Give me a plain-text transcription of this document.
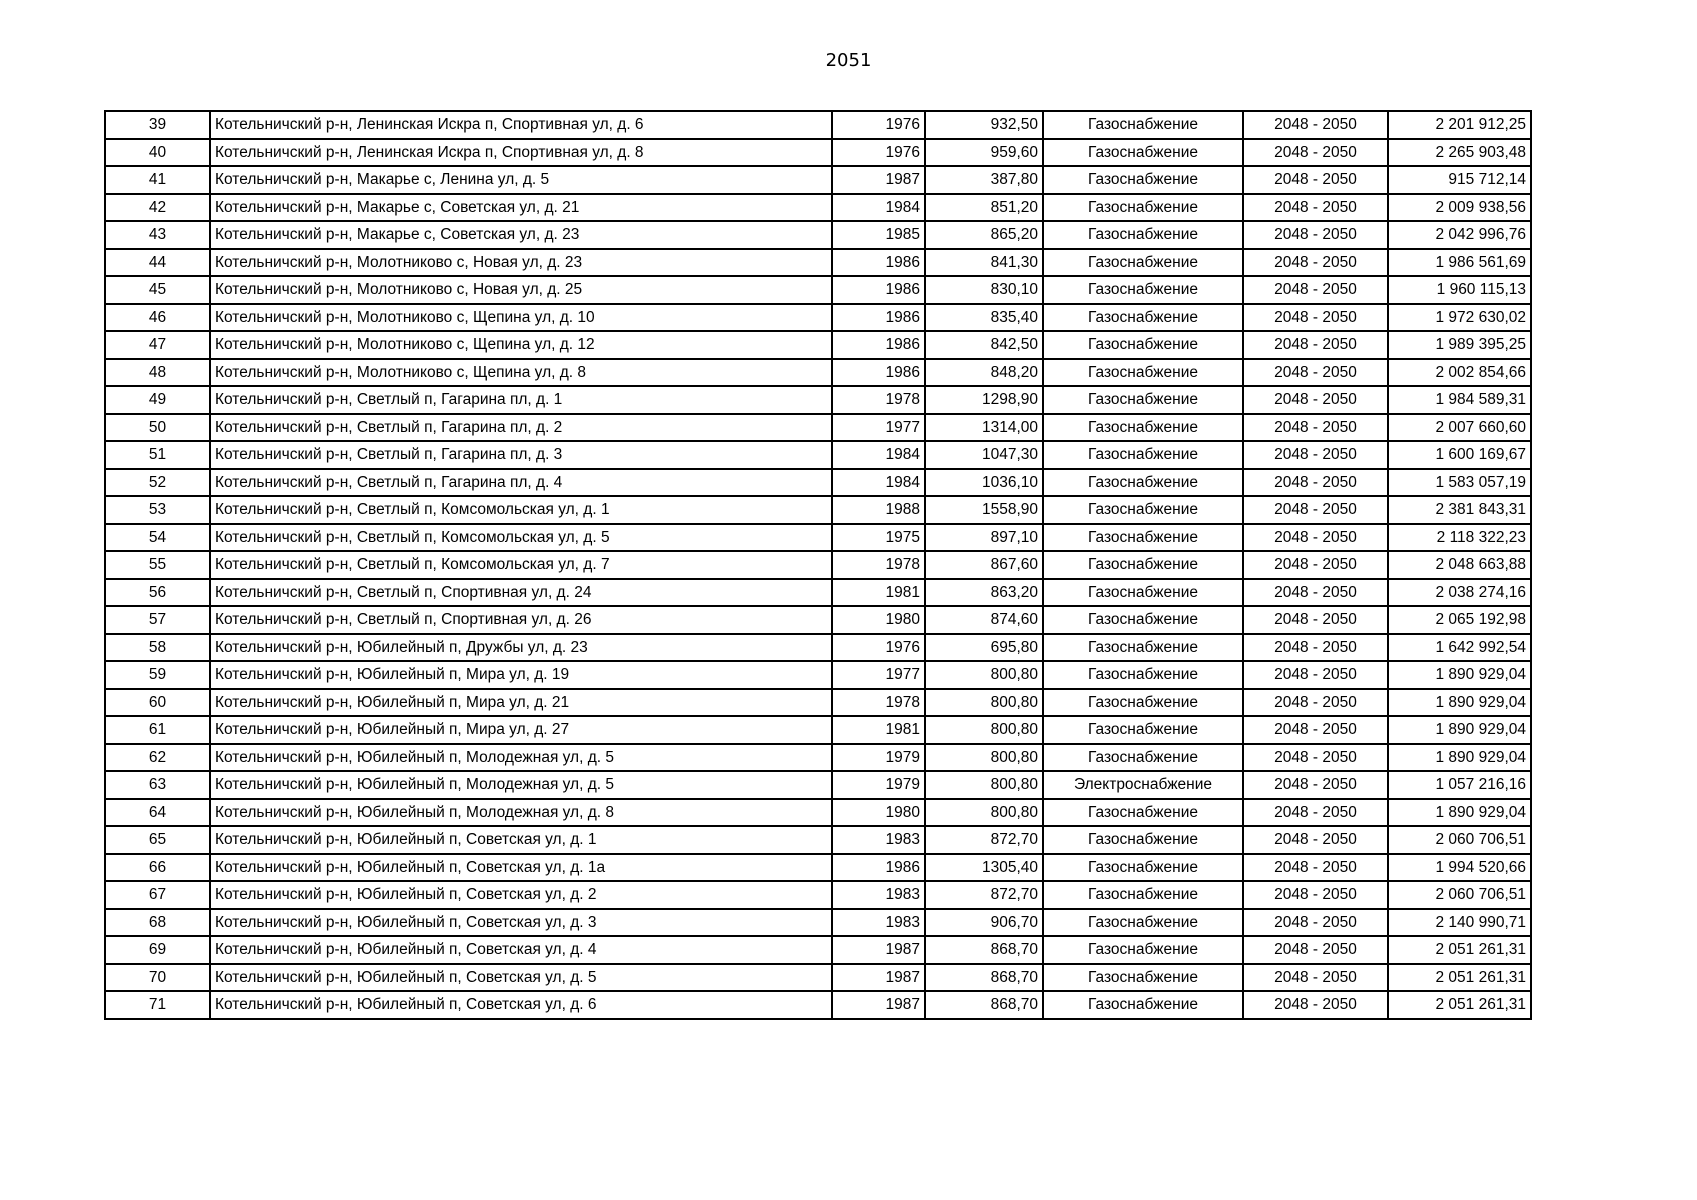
2051
39	Котельничский р-н, Ленинская Искра п, Спортивная ул, д. 6	1976	932,50	Газоснабжение	2048 - 2050	2 201 912,25
40	Котельничский р-н, Ленинская Искра п, Спортивная ул, д. 8	1976	959,60	Газоснабжение	2048 - 2050	2 265 903,48
41	Котельничский р-н, Макарье с, Ленина ул, д. 5	1987	387,80	Газоснабжение	2048 - 2050	915 712,14
42	Котельничский р-н, Макарье с, Советская ул, д. 21	1984	851,20	Газоснабжение	2048 - 2050	2 009 938,56
43	Котельничский р-н, Макарье с, Советская ул, д. 23	1985	865,20	Газоснабжение	2048 - 2050	2 042 996,76
44	Котельничский р-н, Молотниково с, Новая ул, д. 23	1986	841,30	Газоснабжение	2048 - 2050	1 986 561,69
45	Котельничский р-н, Молотниково с, Новая ул, д. 25	1986	830,10	Газоснабжение	2048 - 2050	1 960 115,13
46	Котельничский р-н, Молотниково с, Щепина ул, д. 10	1986	835,40	Газоснабжение	2048 - 2050	1 972 630,02
47	Котельничский р-н, Молотниково с, Щепина ул, д. 12	1986	842,50	Газоснабжение	2048 - 2050	1 989 395,25
48	Котельничский р-н, Молотниково с, Щепина ул, д. 8	1986	848,20	Газоснабжение	2048 - 2050	2 002 854,66
49	Котельничский р-н, Светлый п, Гагарина пл, д. 1	1978	1298,90	Газоснабжение	2048 - 2050	1 984 589,31
50	Котельничский р-н, Светлый п, Гагарина пл, д. 2	1977	1314,00	Газоснабжение	2048 - 2050	2 007 660,60
51	Котельничский р-н, Светлый п, Гагарина пл, д. 3	1984	1047,30	Газоснабжение	2048 - 2050	1 600 169,67
52	Котельничский р-н, Светлый п, Гагарина пл, д. 4	1984	1036,10	Газоснабжение	2048 - 2050	1 583 057,19
53	Котельничский р-н, Светлый п, Комсомольская ул, д. 1	1988	1558,90	Газоснабжение	2048 - 2050	2 381 843,31
54	Котельничский р-н, Светлый п, Комсомольская ул, д. 5	1975	897,10	Газоснабжение	2048 - 2050	2 118 322,23
55	Котельничский р-н, Светлый п, Комсомольская ул, д. 7	1978	867,60	Газоснабжение	2048 - 2050	2 048 663,88
56	Котельничский р-н, Светлый п, Спортивная ул, д. 24	1981	863,20	Газоснабжение	2048 - 2050	2 038 274,16
57	Котельничский р-н, Светлый п, Спортивная ул, д. 26	1980	874,60	Газоснабжение	2048 - 2050	2 065 192,98
58	Котельничский р-н, Юбилейный п, Дружбы ул, д. 23	1976	695,80	Газоснабжение	2048 - 2050	1 642 992,54
59	Котельничский р-н, Юбилейный п, Мира ул, д. 19	1977	800,80	Газоснабжение	2048 - 2050	1 890 929,04
60	Котельничский р-н, Юбилейный п, Мира ул, д. 21	1978	800,80	Газоснабжение	2048 - 2050	1 890 929,04
61	Котельничский р-н, Юбилейный п, Мира ул, д. 27	1981	800,80	Газоснабжение	2048 - 2050	1 890 929,04
62	Котельничский р-н, Юбилейный п, Молодежная ул, д. 5	1979	800,80	Газоснабжение	2048 - 2050	1 890 929,04
63	Котельничский р-н, Юбилейный п, Молодежная ул, д. 5	1979	800,80	Электроснабжение	2048 - 2050	1 057 216,16
64	Котельничский р-н, Юбилейный п, Молодежная ул, д. 8	1980	800,80	Газоснабжение	2048 - 2050	1 890 929,04
65	Котельничский р-н, Юбилейный п, Советская ул, д. 1	1983	872,70	Газоснабжение	2048 - 2050	2 060 706,51
66	Котельничский р-н, Юбилейный п, Советская ул, д. 1а	1986	1305,40	Газоснабжение	2048 - 2050	1 994 520,66
67	Котельничский р-н, Юбилейный п, Советская ул, д. 2	1983	872,70	Газоснабжение	2048 - 2050	2 060 706,51
68	Котельничский р-н, Юбилейный п, Советская ул, д. 3	1983	906,70	Газоснабжение	2048 - 2050	2 140 990,71
69	Котельничский р-н, Юбилейный п, Советская ул, д. 4	1987	868,70	Газоснабжение	2048 - 2050	2 051 261,31
70	Котельничский р-н, Юбилейный п, Советская ул, д. 5	1987	868,70	Газоснабжение	2048 - 2050	2 051 261,31
71	Котельничский р-н, Юбилейный п, Советская ул, д. 6	1987	868,70	Газоснабжение	2048 - 2050	2 051 261,31
